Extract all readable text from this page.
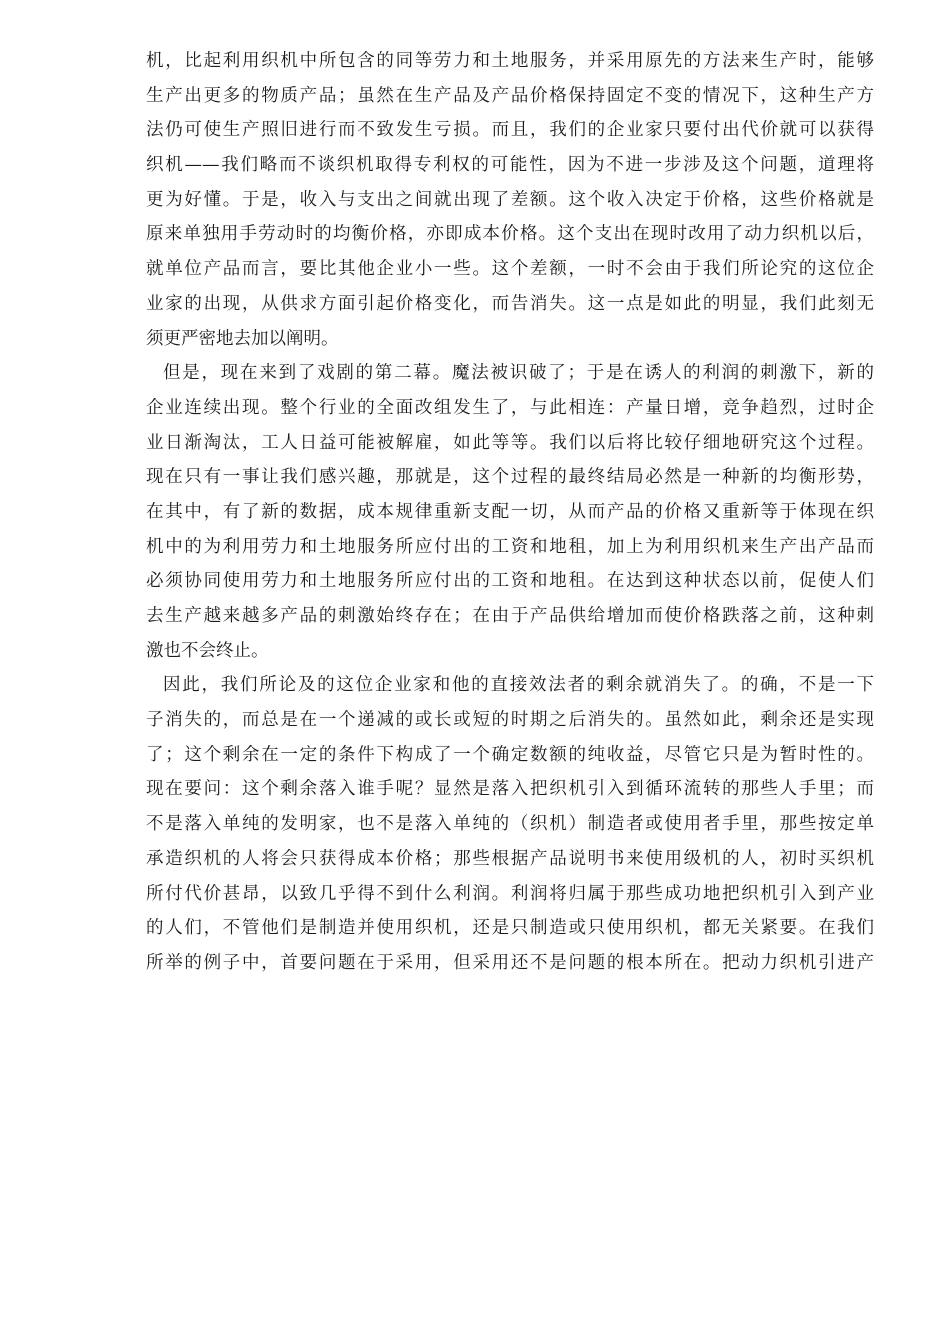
机，比起利用织机中所包含的同等劳力和土地服务，并采用原先的方法来生产时，能够
生产出更多的物质产品；虽然在生产品及产品价格保持固定不变的情况下，这种生产方
法仍可使生产照旧进行而不致发生亏损。而且，我们的企业家只要付出代价就可以获得
织机——我们略而不谈织机取得专利权的可能性，因为不进一步涉及这个问题，道理将
更为好懂。于是，收入与支出之间就出现了差额。这个收入决定于价格，这些价格就是
原来单独用手劳动时的均衡价格，亦即成本价格。这个支出在现时改用了动力织机以后，
就单位产品而言，要比其他企业小一些。这个差额，一时不会由于我们所论究的这位企
业家的出现，从供求方面引起价格变化，而告消失。这一点是如此的明显，我们此刻无
须更严密地去加以阐明。
但是，现在来到了戏剧的第二幕。魔法被识破了；于是在诱人的利润的刺激下，新的
企业连续出现。整个行业的全面改组发生了，与此相连：产量日增，竞争趋烈，过时企
业日渐淘汰，工人日益可能被解雇，如此等等。我们以后将比较仔细地研究这个过程。
现在只有一事让我们感兴趣，那就是，这个过程的最终结局必然是一种新的均衡形势，
在其中，有了新的数据，成本规律重新支配一切，从而产品的价格又重新等于体现在织
机中的为利用劳力和土地服务所应付出的工资和地租，加上为利用织机来生产出产品而
必须协同使用劳力和土地服务所应付出的工资和地租。在达到这种状态以前，促使人们
去生产越来越多产品的刺激始终存在；在由于产品供给增加而使价格跌落之前，这种刺
激也不会终止。
因此，我们所论及的这位企业家和他的直接效法者的剩余就消失了。的确，不是一下
子消失的，而总是在一个递减的或长或短的时期之后消失的。虽然如此，剩余还是实现
了；这个剩余在一定的条件下构成了一个确定数额的纯收益，尽管它只是为暂时性的。
现在要问：这个剩余落入谁手呢？显然是落入把织机引入到循环流转的那些人手里；而
不是落入单纯的发明家，也不是落入单纯的（织机）制造者或使用者手里，那些按定单
承造织机的人将会只获得成本价格；那些根据产品说明书来使用级机的人，初时买织机
所付代价甚昂，以致几乎得不到什么利润。利润将归属于那些成功地把织机引入到产业
的人们，不管他们是制造并使用织机，还是只制造或只使用织机，都无关紧要。在我们
所举的例子中，首要问题在于采用，但采用还不是问题的根本所在。把动力织机引进产
